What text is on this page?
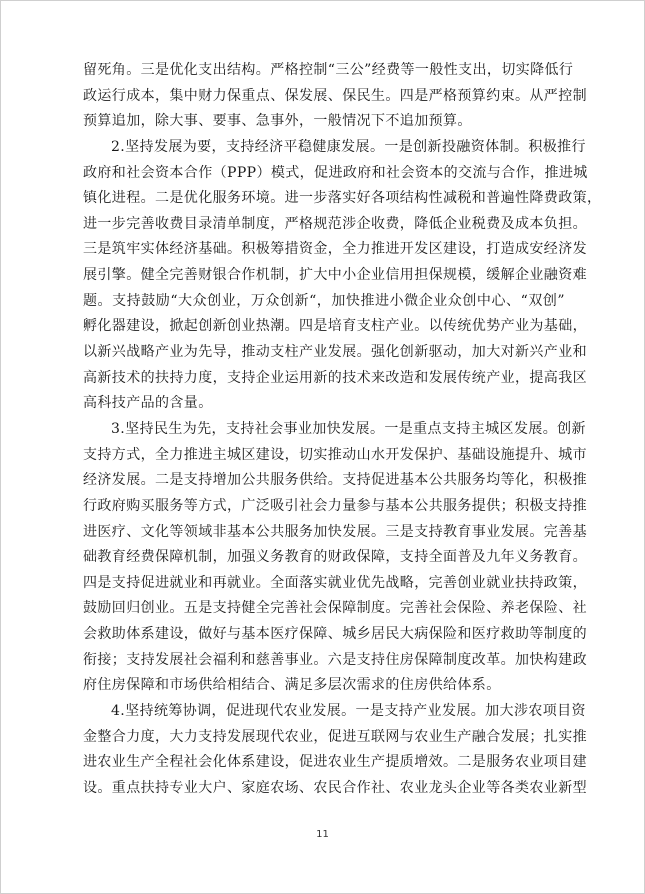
留死角。三是优化支出结构。严格控制“三公”经费等一般性支出，切实降低行
政运行成本，集中财力保重点、保发展、保民生。四是严格预算约束。从严控制
预算追加，除大事、要事、急事外，一般情况下不追加预算。
2.坚持发展为要，支持经济平稳健康发展。一是创新投融资体制。积极推行
政府和社会资本合作（PPP）模式，促进政府和社会资本的交流与合作，推进城
镇化进程。二是优化服务环境。进一步落实好各项结构性减税和普遍性降费政策，
进一步完善收费目录清单制度，严格规范涉企收费，降低企业税费及成本负担。
三是筑牢实体经济基础。积极筹措资金，全力推进开发区建设，打造成安经济发
展引擎。健全完善财银合作机制，扩大中小企业信用担保规模，缓解企业融资难
题。支持鼓励“大众创业，万众创新“，加快推进小微企业众创中心、“双创”
孵化器建设，掀起创新创业热潮。四是培育支柱产业。以传统优势产业为基础，
以新兴战略产业为先导，推动支柱产业发展。强化创新驱动，加大对新兴产业和
高新技术的扶持力度，支持企业运用新的技术来改造和发展传统产业，提高我区
高科技产品的含量。
3.坚持民生为先，支持社会事业加快发展。一是重点支持主城区发展。创新
支持方式，全力推进主城区建设，切实推动山水开发保护、基础设施提升、城市
经济发展。二是支持增加公共服务供给。支持促进基本公共服务均等化，积极推
行政府购买服务等方式，广泛吸引社会力量参与基本公共服务提供；积极支持推
进医疗、文化等领域非基本公共服务加快发展。三是支持教育事业发展。完善基
础教育经费保障机制，加强义务教育的财政保障，支持全面普及九年义务教育。
四是支持促进就业和再就业。全面落实就业优先战略，完善创业就业扶持政策，
鼓励回归创业。五是支持健全完善社会保障制度。完善社会保险、养老保险、社
会救助体系建设，做好与基本医疗保障、城乡居民大病保险和医疗救助等制度的
衔接；支持发展社会福利和慈善事业。六是支持住房保障制度改革。加快构建政
府住房保障和市场供给相结合、满足多层次需求的住房供给体系。
4.坚持统筹协调，促进现代农业发展。一是支持产业发展。加大涉农项目资
金整合力度，大力支持发展现代农业，促进互联网与农业生产融合发展；扎实推
进农业生产全程社会化体系建设，促进农业生产提质增效。二是服务农业项目建
设。重点扶持专业大户、家庭农场、农民合作社、农业龙头企业等各类农业新型
11
